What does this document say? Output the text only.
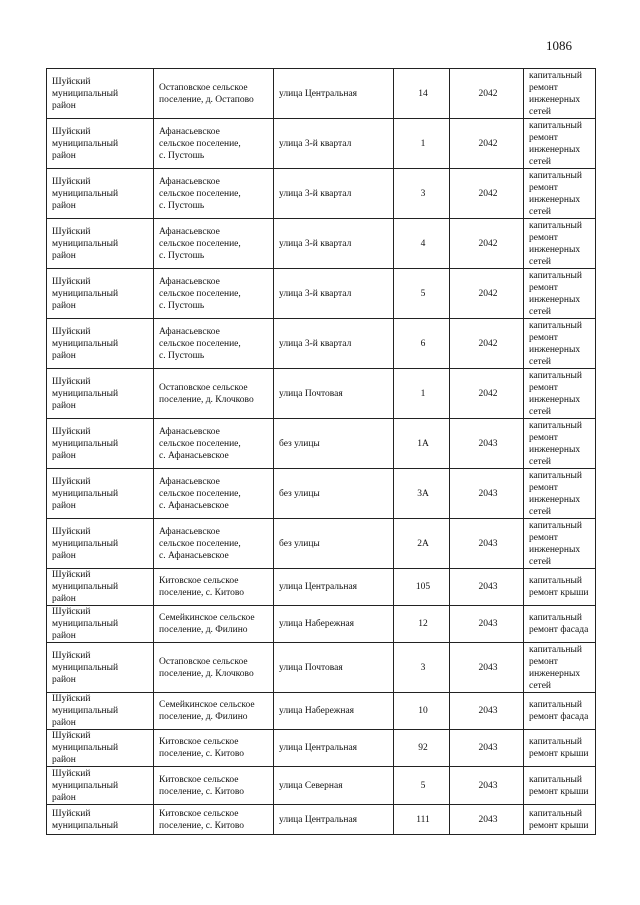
1086
Шуйский
муниципальный
район	Остаповское сельское
поселение, д. Остапово	улица Центральная	14	2042	капитальный
ремонт
инженерных
сетей

Шуйский
муниципальный
район	Афанасьевское
сельское поселение,
с. Пустошь	улица 3-й квартал	1	2042	капитальный
ремонт
инженерных
сетей

Шуйский
муниципальный
район	Афанасьевское
сельское поселение,
с. Пустошь	улица 3-й квартал	3	2042	капитальный
ремонт
инженерных
сетей

Шуйский
муниципальный
район	Афанасьевское
сельское поселение,
с. Пустошь	улица 3-й квартал	4	2042	капитальный
ремонт
инженерных
сетей

Шуйский
муниципальный
район	Афанасьевское
сельское поселение,
с. Пустошь	улица 3-й квартал	5	2042	капитальный
ремонт
инженерных
сетей

Шуйский
муниципальный
район	Афанасьевское
сельское поселение,
с. Пустошь	улица 3-й квартал	6	2042	капитальный
ремонт
инженерных
сетей

Шуйский
муниципальный
район	Остаповское сельское
поселение, д. Клочково	улица Почтовая	1	2042	капитальный
ремонт
инженерных
сетей

Шуйский
муниципальный
район	Афанасьевское
сельское поселение,
с. Афанасьевское	без улицы	1А	2043	капитальный
ремонт
инженерных
сетей

Шуйский
муниципальный
район	Афанасьевское
сельское поселение,
с. Афанасьевское	без улицы	3А	2043	капитальный
ремонт
инженерных
сетей

Шуйский
муниципальный
район	Афанасьевское
сельское поселение,
с. Афанасьевское	без улицы	2А	2043	капитальный
ремонт
инженерных
сетей

Шуйский
муниципальный
район	Китовское сельское
поселение, с. Китово	улица Центральная	105	2043	капитальный
ремонт крыши

Шуйский
муниципальный
район	Семейкинское сельское
поселение, д. Филино	улица Набережная	12	2043	капитальный
ремонт фасада

Шуйский
муниципальный
район	Остаповское сельское
поселение, д. Клочково	улица Почтовая	3	2043	капитальный
ремонт
инженерных
сетей

Шуйский
муниципальный
район	Семейкинское сельское
поселение, д. Филино	улица Набережная	10	2043	капитальный
ремонт фасада

Шуйский
муниципальный
район	Китовское сельское
поселение, с. Китово	улица Центральная	92	2043	капитальный
ремонт крыши

Шуйский
муниципальный
район	Китовское сельское
поселение, с. Китово	улица Северная	5	2043	капитальный
ремонт крыши

Шуйский
муниципальный	Китовское сельское
поселение, с. Китово	улица Центральная	111	2043	капитальный
ремонт крыши
